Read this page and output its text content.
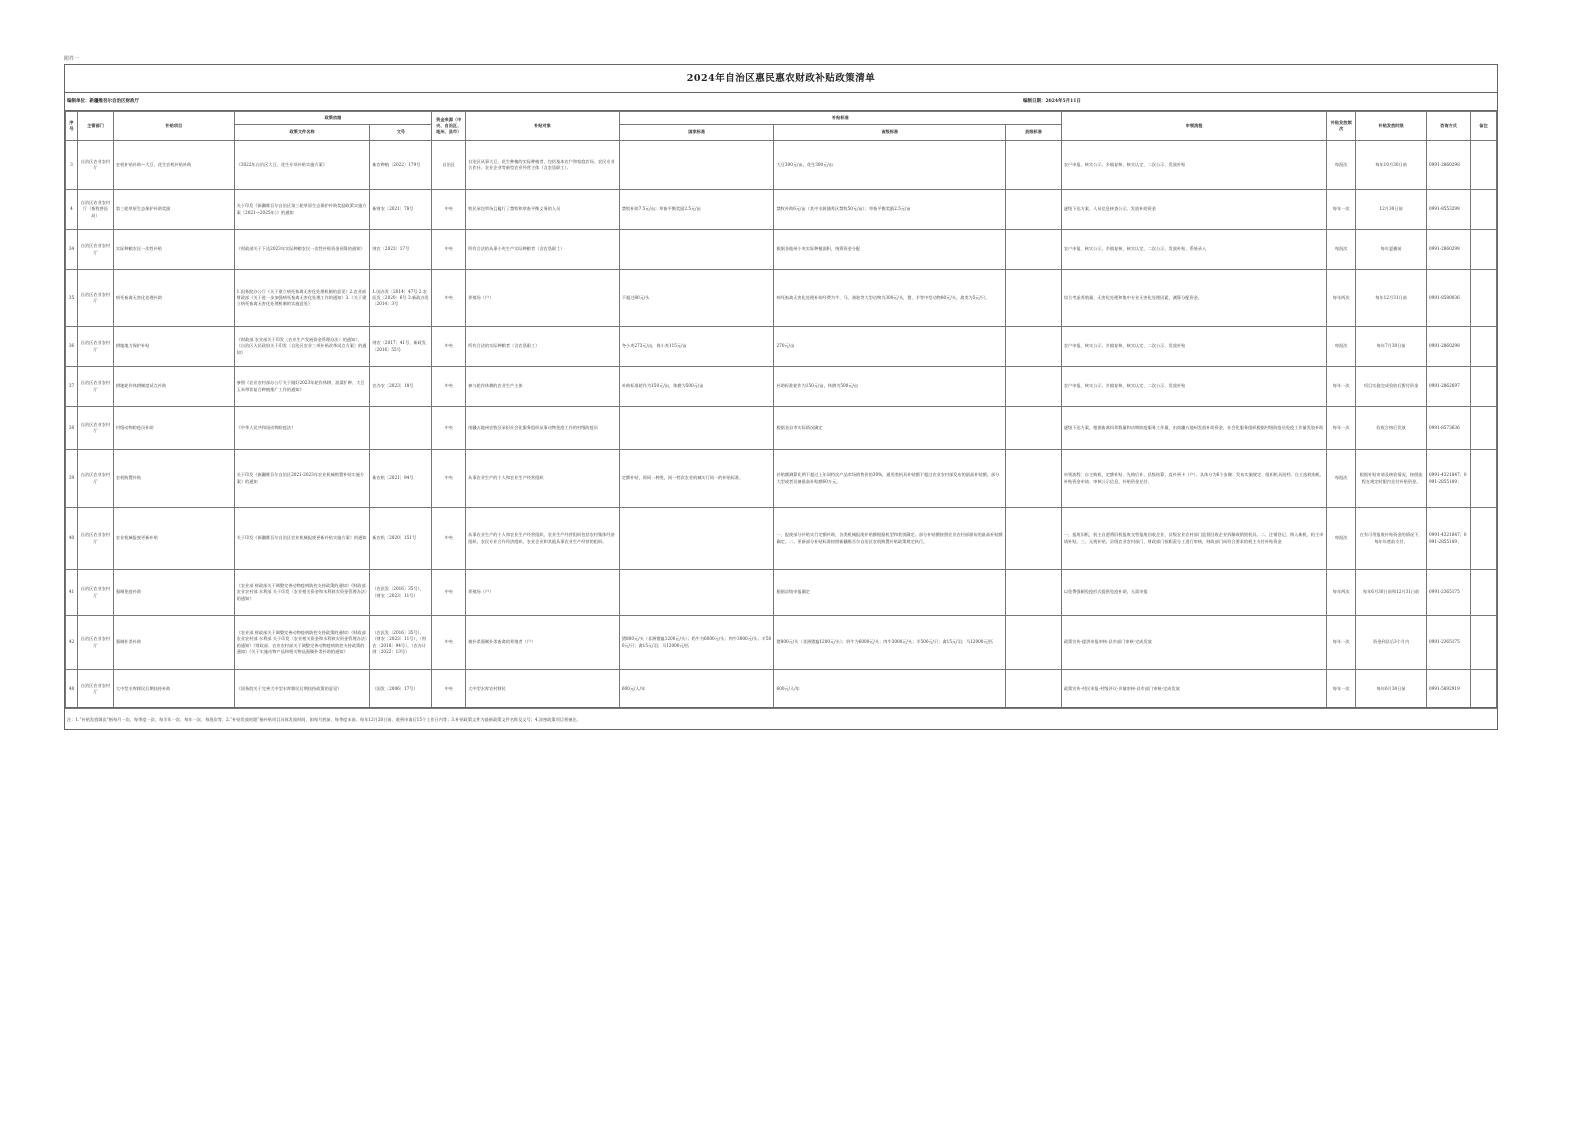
附件一
2024年自治区惠民惠农财政补贴政策清单
编制单位：新疆维吾尔自治区财政厅	编制日期：2024年5月11日
序号	主管部门	补贴项目	政策依据		资金来源（中央、自治区、地州、县市）	补贴对象	补贴标准			申领流程	补贴发放频次	补贴发放时限	咨询方式	备注
			政策文件名称	文号			国家标准	省级标准	县级标准					
3	自治区农业农村厅	农机补贴补助—大豆、花生农机补贴补助	《2022年自治区大豆、花生专项补贴实施方案》	新农种植〔2022〕179号	自治区	自治区从事大豆、花生种植的实际种植者，包括基本农户和家庭农场、农民专业合作社、农业企业等新型农业经营主体（含农垦职工）。		大豆300元/亩，花生300元/亩		农户申报、核实公示、乡镇复核、核实认定、二次公示、发放补贴	每批次	每年10月30日前	0991-2860298	
4	自治区农业农村厅（畜牧兽医局）	第三轮草原生态保护补助奖励	关于印发《新疆维吾尔自治区第三轮草原生态保护补助奖励政策实施方案（2021—2025年）》的通知	新财农〔2021〕78号	中央	牧民承包草场且履行了禁牧和草畜平衡义务的人员	禁牧补助7.5元/亩；草畜平衡奖励2.5元/亩	禁牧补助6元/亩（其中水源涵养区禁牧50元/亩）；草畜平衡奖励2.5元/亩		逐级下达方案、人员信息核查公示、发放补助资金	每年一次	12月30日前	0991-8553298	
34	自治区农业农村厅	实际种粮农民一次性补贴	《财政部关于下达2023年实际种粮农民一次性补贴资金预算的通知》	财农〔2023〕17号	中央	所有合法的从事小麦生产实际种粮者（含农垦职工）		根据各地州小麦实际种植面积，统筹资金分配		农户申报、核实公示、乡镇复核、核实认定、二次公示、发放补贴、系统录入	每批次	每年夏播前	0991-2860298	
35	自治区农业农村厅	病死畜禽无害化处理补助	1.国务院办公厅《关于建立病死畜禽无害化处理机制的意见》2.农业部 财政部《关于进一步加强病死畜禽无害化处理工作的通知》3.《关于建立病死畜禽无害化处理机制的实施意见》	1.国办发〔2014〕47号 2.农医发〔2020〕6号 3.新政办发〔2014〕3号	中央	养殖场（户）	不超过80元/头	病死畜禽无害化处理补助经费为牛、马、骆驼等大型动物为300元/头，猪、羊等中型动物80元/头，禽类为5元/只。		综合考虑养殖量、无害化处理和集中专业无害化处理因素，测算分配资金。	每年两次	每年12月31日前	0991-8580036	
36	自治区农业农村厅	耕地地力保护补贴	《财政部 农业部关于印发〈农业生产发展资金管理办法〉的通知》、《自治区人民政府关于印发〈自治区农业三项补贴改革试点方案〉的通知》	财农〔2017〕41号、新政发〔2016〕55号	中央	所有合法的实际种粮者（含农垦职工）	冬小麦273元/亩，春小麦115元/亩	270元/亩		农户申报、核实公示、乡镇复核、核实认定、二次公示、发放补贴	每批次	每年7月30日前	0991-2860298	
37	自治区农业农村厅	耕地轮作休耕制度试点补助	参照《农业农村部办公厅关于做好2023年轮作休耕、油菜扩种、大豆玉米带状复合种植推广工作的通知》	农办农〔2023〕18号	中央	参与轮作休耕的农业生产主体	补助标准轮作为150元/亩，休耕为500元/亩	补助标准轮作为150元/亩，休耕为500元/亩		农户申报、核实公示、乡镇复核、核实认定、二次公示、发放补贴	每年一次	项目实施完成验收后拨付资金	0991-2862697	
38	自治区农业农村厅	村级动物防疫员补助	《中华人民共和国动物防疫法》		中央	南疆五地州农牧区承担社会化服务组织从事动物免疫工作的村级防疫员		根据各县市实际情况确定		逐级下达方案，根据畜禽饲养数量和动物防疫服务工作量，由南疆五地州发放补助资金，社会化服务组织根据村级防疫员免疫工作量发放补助	每年一次	验收合格后发放	0991-8573636	
39	自治区农业农村厅	农机购置补贴	关于印发《新疆维吾尔自治区2021-2023年农业机械购置补贴实施方案》的通知	新农机〔2021〕94号	中央	从事农业生产的个人和农业生产经营组织	定额补贴，即同一种类，同一档次农业机械实行同一的补贴标准。	补贴额测算比例不超过上年同档次产品市场销售价的30%，通用类机具补贴额不超过农业农村部发布的最高补贴额，部分大型或者设备最高补贴额60万元。		申领流程：自主购机、定额补贴、先购后补、县级结算、直补到卡（户）。具体分为6个步骤：发布实施规定、组织机具投档、自主选机购机、补贴资金申请、审核公示信息、补贴资金兑付。	每批次	根据补贴申请及核验情况，按照流程在规定时限内兑付补贴资金。	0991-4321847；0991-2855189；	
40	自治区农业农村厅	农业机械报废更新补贴	关于印发《新疆维吾尔自治区农业机械报废更新补贴实施方案》的通知	新农机〔2020〕151号	中央	从事农业生产的个人和农业生产经营组织，农业生产经营组织包括农村集体经济组织、农民专业合作经济组织、农业企业和其他从事农业生产经营的组织。		一、报废部分补贴实行定额补助，各类机械报废补贴额根据机型和类别确定。部分补贴额按照农业农村部颁布的最高补贴额确定。二、更新部分补贴标准按照新疆维吾尔自治区农机购置补贴政策规定执行。		一、报废旧机，机主自愿将旧机报废交售报废回收企业，县级农业农村部门监督回收企业拆解或销毁机具。二、注销登记、购入新机，机主申请补贴。三、无规补贴，县级农业农村部门、财政部门按职责分工进行审核，财政部门向符合要求的机主支付补贴资金	每批次	在有可用报废补贴资金的情况下，每年年底前支付。	0991-4321847；0991-2855189；	
41	自治区农业农村厅	强制免疫补助	《农业部 财政部关于调整完善动物疫病防控支持政策的通知》《财政部 农业农村部 水利部 关于印发〈农业相关资金和水利救灾资金管理办法〉的通知》	（农医发〔2016〕35号），（财农〔2023〕11号）	中央	养殖场（户）		根据县级申报确定		以免费强制免疫形式提供免疫补助，无需申报	每年两次	每年6月30日前和12月31日前	0991-2365175	
42	自治区农业农村厅	强制扑杀补助	《农业部 财政部关于调整完善动物疫病防控支持政策的通知》《财政部 农业农村部 水利部 关于印发〈农业相关资金和水利救灾资金管理办法〉的通知》《财政部、农业农村部关于调整完善动物疫病防控支持政策的通知》《关于实施动物产品和相关物品强制扑杀补助的通知》	（农医发〔2016〕35号），（财农〔2023〕11号），（财农〔2018〕94号），（农办计财〔2022〕13号）	中央	被扑杀强制扑杀畜禽的养殖者（户）	猪800元/头（非洲猪瘟1200元/头）；奶牛为6000元/头；肉牛3000元/头；羊500元/只；禽15元/羽；马12000元/匹	猪800元/头（非洲猪瘟1200元/头）；奶牛为6000元/头；肉牛3000元/头；羊500元/只；禽15元/羽；马12000元/匹		政策宣传-提供申报审核-县市部门审核-完成发放	每年一次	资金到县后3个月内	0991-2365175	
48	自治区农业农村厅	大中型水库移民后期扶持补助	《国务院关于完善大中型水库移民后期扶持政策的意见》	（国发〔2006〕17号）	中央	大中型水库农村移民	600元/人/年	600元/人/年		政策宣传-村民申报-村级评议-乡镇审核-县市部门审核-完成发放	每年一次	每年6月30日前	0991-5892919	
注：1.“补贴发放频次”指每月一次、每季度一次、每半年一次、每年一次、每批次等；2.“补贴发放时限”指补贴项目具体发放时间，如每月底前、每季度末前、每年12月20日前、收到申请后15个工作日内等；3.补贴政策文件为最新政策文件名称及文号；4.涉密政策项目须备注。
